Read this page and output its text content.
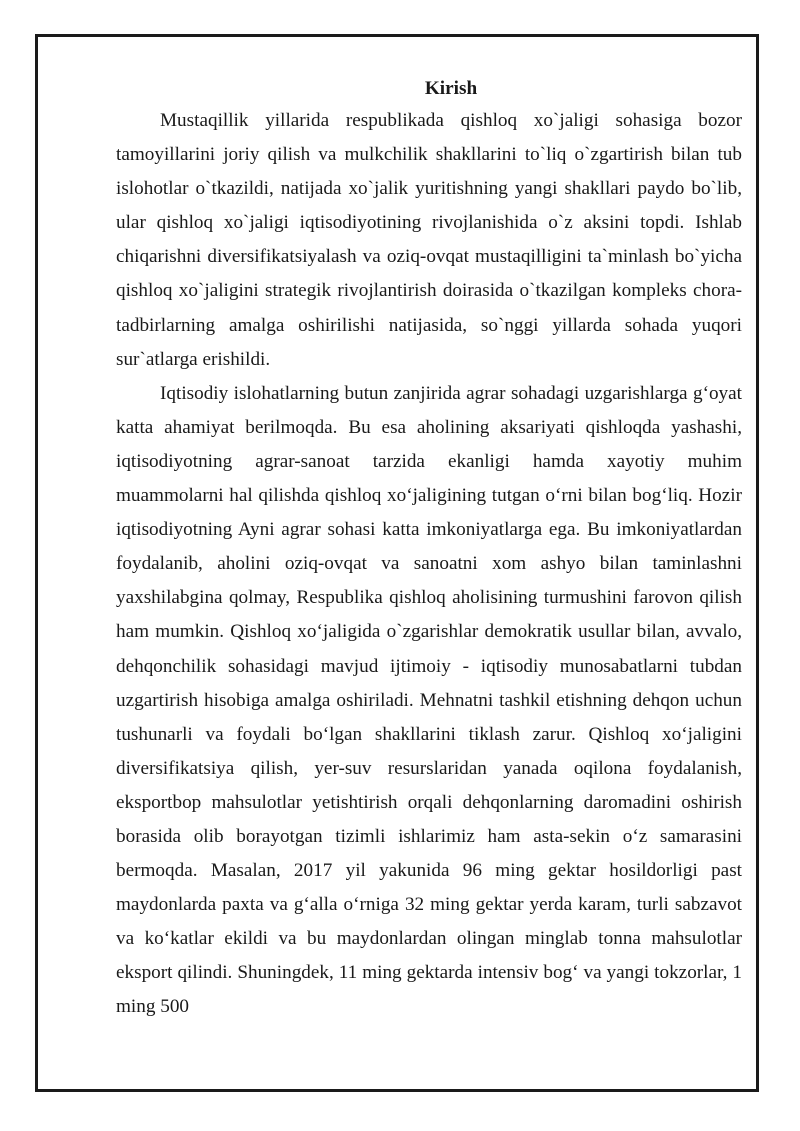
Kirish

Mustaqillik yillarida respublikada qishloq xo`jaligi sohasiga bozor tamoyillarini joriy qilish va mulkchilik shakllarini to`liq o`zgartirish bilan tub islohotlar o`tkazildi, natijada xo`jalik yuritishning yangi shakllari paydo bo`lib, ular qishloq xo`jaligi iqtisodiyotining rivojlanishida o`z aksini topdi. Ishlab chiqarishni diversifikatsiyalash va oziq-ovqat mustaqilligini ta`minlash bo`yicha qishloq xo`jaligini strategik rivojlantirish doirasida o`tkazilgan kompleks chora-tadbirlarning amalga oshirilishi natijasida, so`nggi yillarda sohada yuqori sur`atlarga erishildi.

Iqtisodiy islohatlarning butun zanjirida agrar sohadagi uzgarishlarga g‘oyat katta ahamiyat berilmoqda. Bu esa aholining aksariyati qishloqda yashashi, iqtisodiyotning agrar-sanoat tarzida ekanligi hamda xayotiy muhim muammolarni hal qilishda qishloq xo‘jaligining tutgan o‘rni bilan bog‘liq. Hozir iqtisodiyotning Ayni agrar sohasi katta imkoniyatlarga ega. Bu imkoniyatlardan foydalanib, aholini oziq-ovqat va sanoatni xom ashyo bilan taminlashni yaxshilabgina qolmay, Respublika qishloq aholisining turmushini farovon qilish ham mumkin. Qishloq xo‘jaligida o`zgarishlar demokratik usullar bilan, avvalo, dehqonchilik sohasidagi mavjud ijtimoiy - iqtisodiy munosabatlarni tubdan uzgartirish hisobiga amalga oshiriladi. Mehnatni tashkil etishning dehqon uchun tushunarli va foydali bo‘lgan shakllarini tiklash zarur. Qishloq xo‘jaligini diversifikatsiya qilish, yer-suv resurslaridan yanada oqilona foydalanish, eksportbop mahsulotlar yetishtirish orqali dehqonlarning daromadini oshirish borasida olib borayotgan tizimli ishlarimiz ham asta-sekin o‘z samarasini bermoqda. Masalan, 2017 yil yakunida 96 ming gektar hosildorligi past maydonlarda paxta va g‘alla o‘rniga 32 ming gektar yerda karam, turli sabzavot va ko‘katlar ekildi va bu maydonlardan olingan minglab tonna mahsulotlar eksport qilindi. Shuningdek, 11 ming gektarda intensiv bog‘ va yangi tokzorlar, 1 ming 500
